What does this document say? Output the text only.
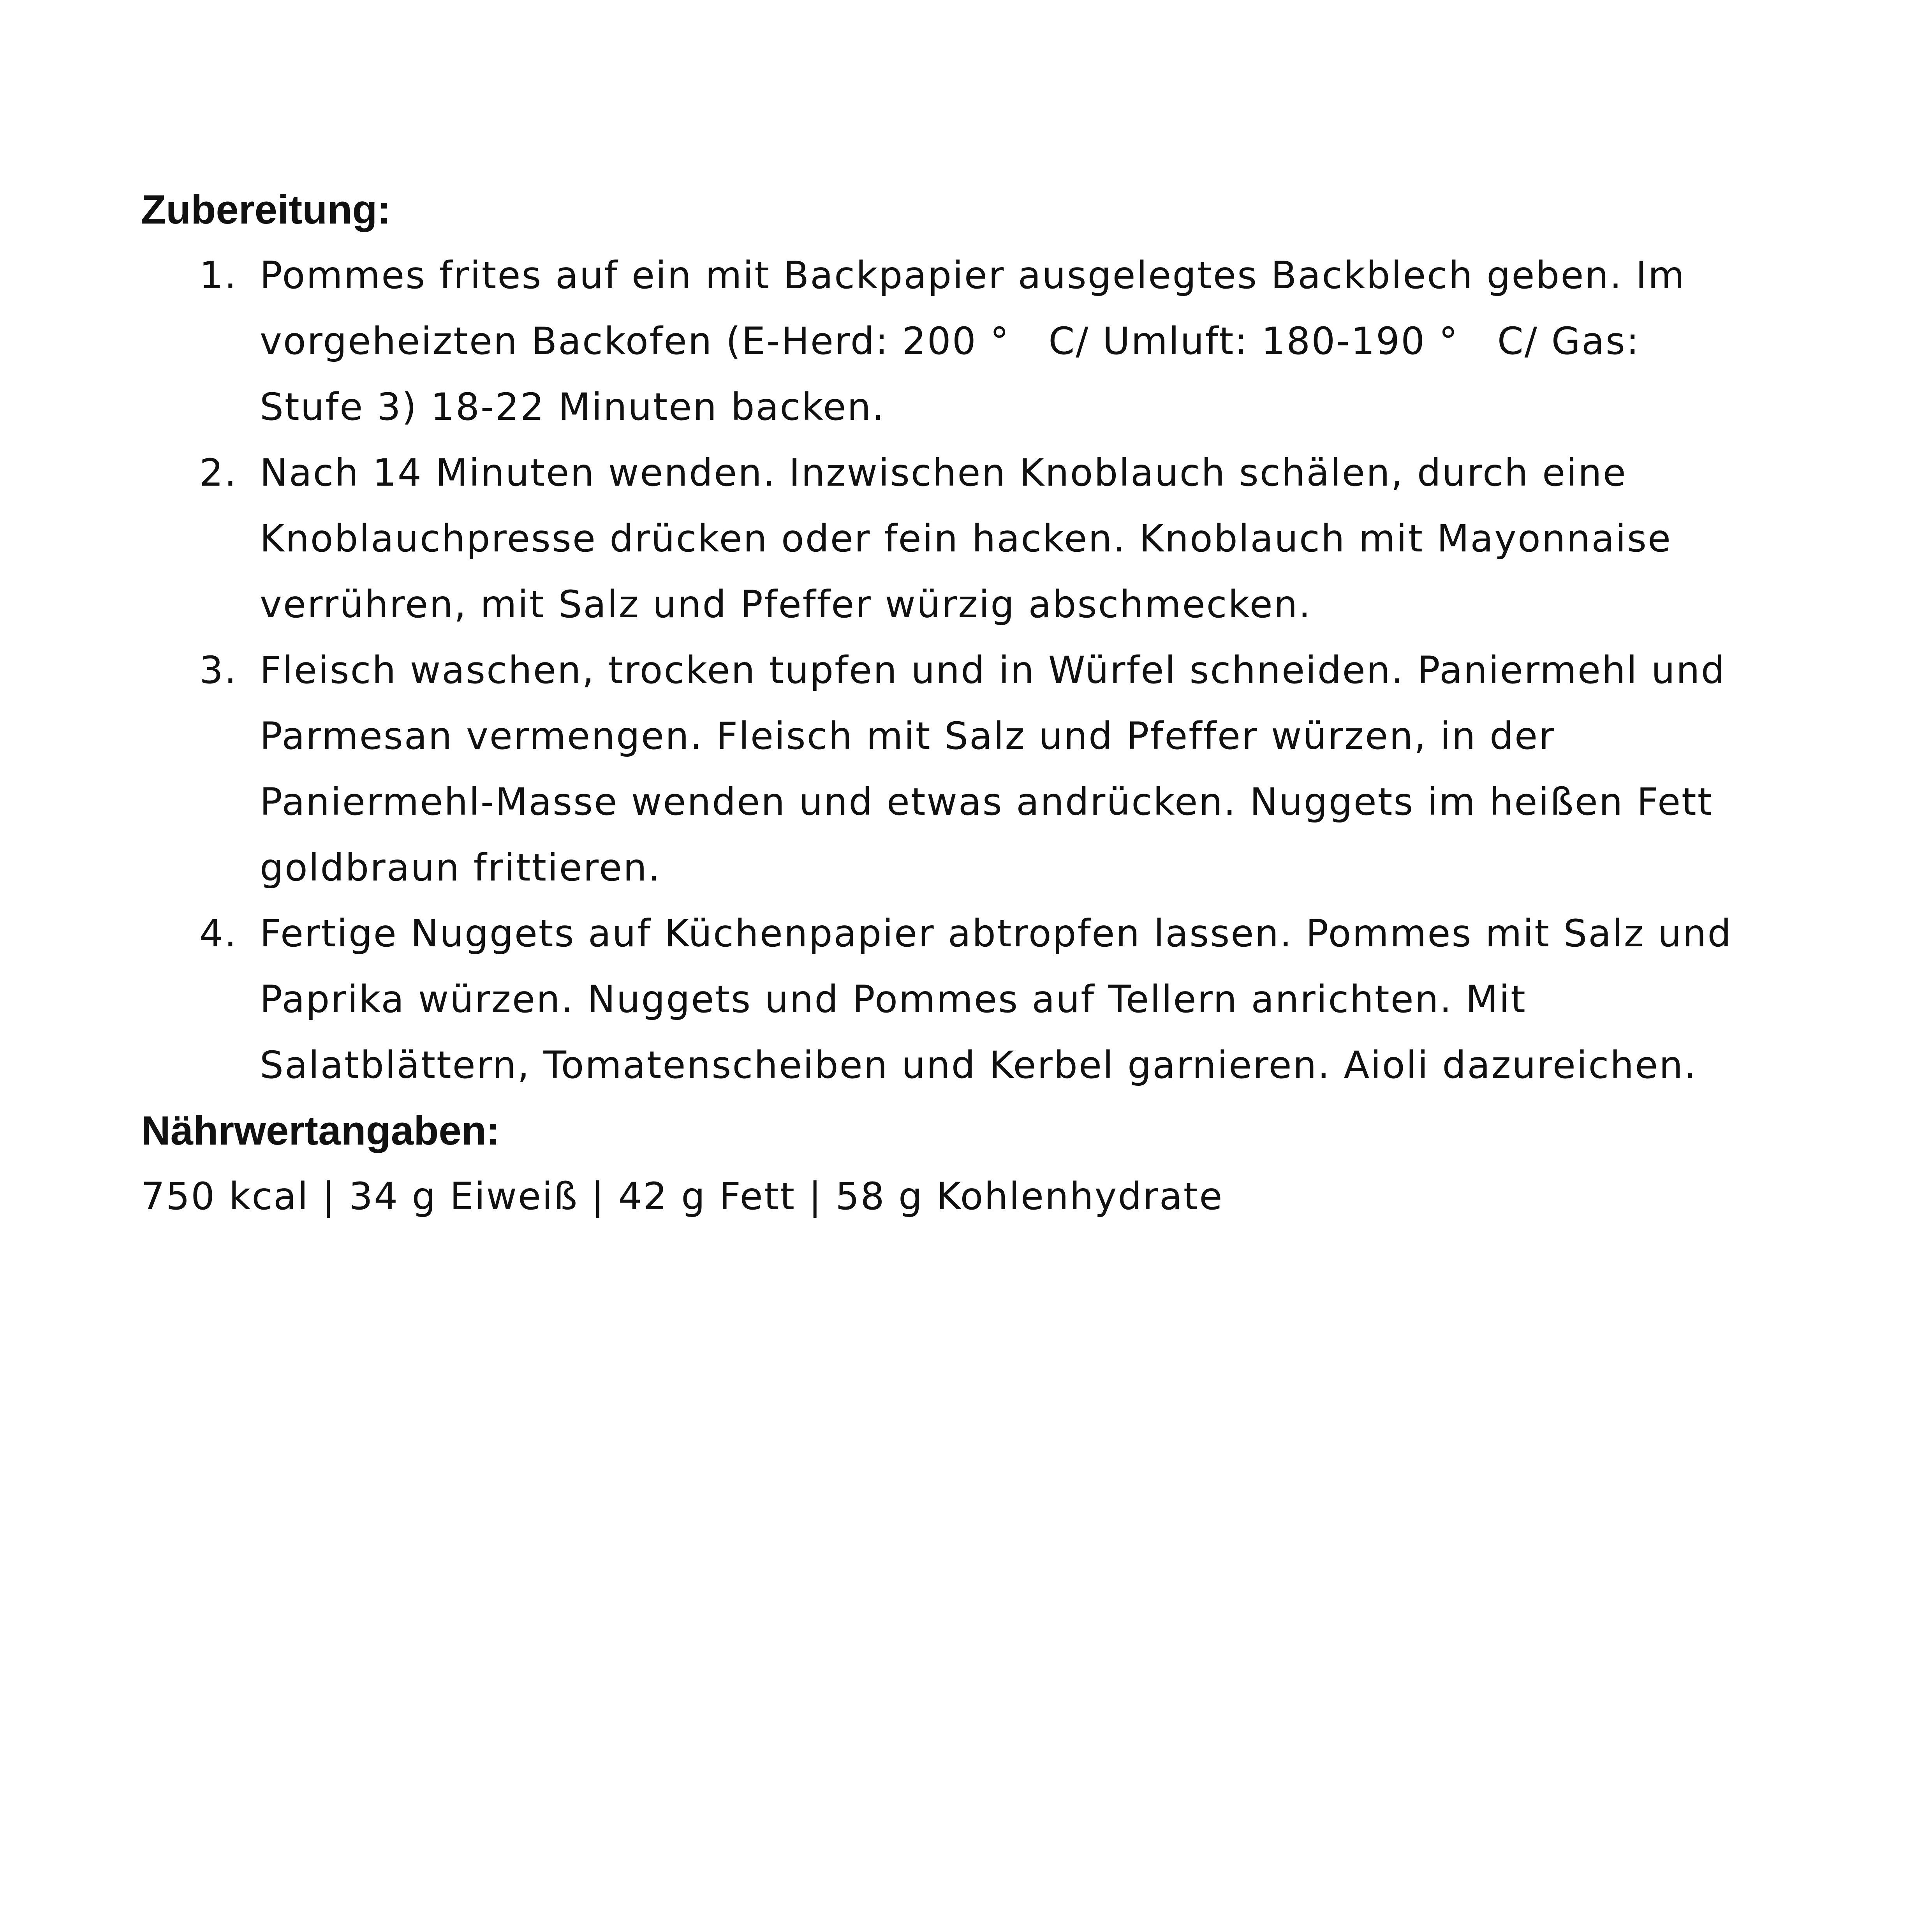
Zubereitung:
1. Pommes frites auf ein mit Backpapier ausgelegtes Backblech geben. Im vorgeheizten Backofen (E-Herd: 200 °　C/ Umluft: 180-190 °　C/ Gas: Stufe 3) 18-22 Minuten backen.
2. Nach 14 Minuten wenden. Inzwischen Knoblauch schälen, durch eine Knoblauchpresse drücken oder fein hacken. Knoblauch mit Mayonnaise verrühren, mit Salz und Pfeffer würzig abschmecken.
3. Fleisch waschen, trocken tupfen und in Würfel schneiden. Paniermehl und Parmesan vermengen. Fleisch mit Salz und Pfeffer würzen, in der Paniermehl-Masse wenden und etwas andrücken. Nuggets im heißen Fett goldbraun frittieren.
4. Fertige Nuggets auf Küchenpapier abtropfen lassen. Pommes mit Salz und Paprika würzen. Nuggets und Pommes auf Tellern anrichten. Mit Salatblättern, Tomatenscheiben und Kerbel garnieren. Aioli dazureichen.
Nährwertangaben:

750 kcal | 34 g Eiweiß | 42 g Fett | 58 g Kohlenhydrate
